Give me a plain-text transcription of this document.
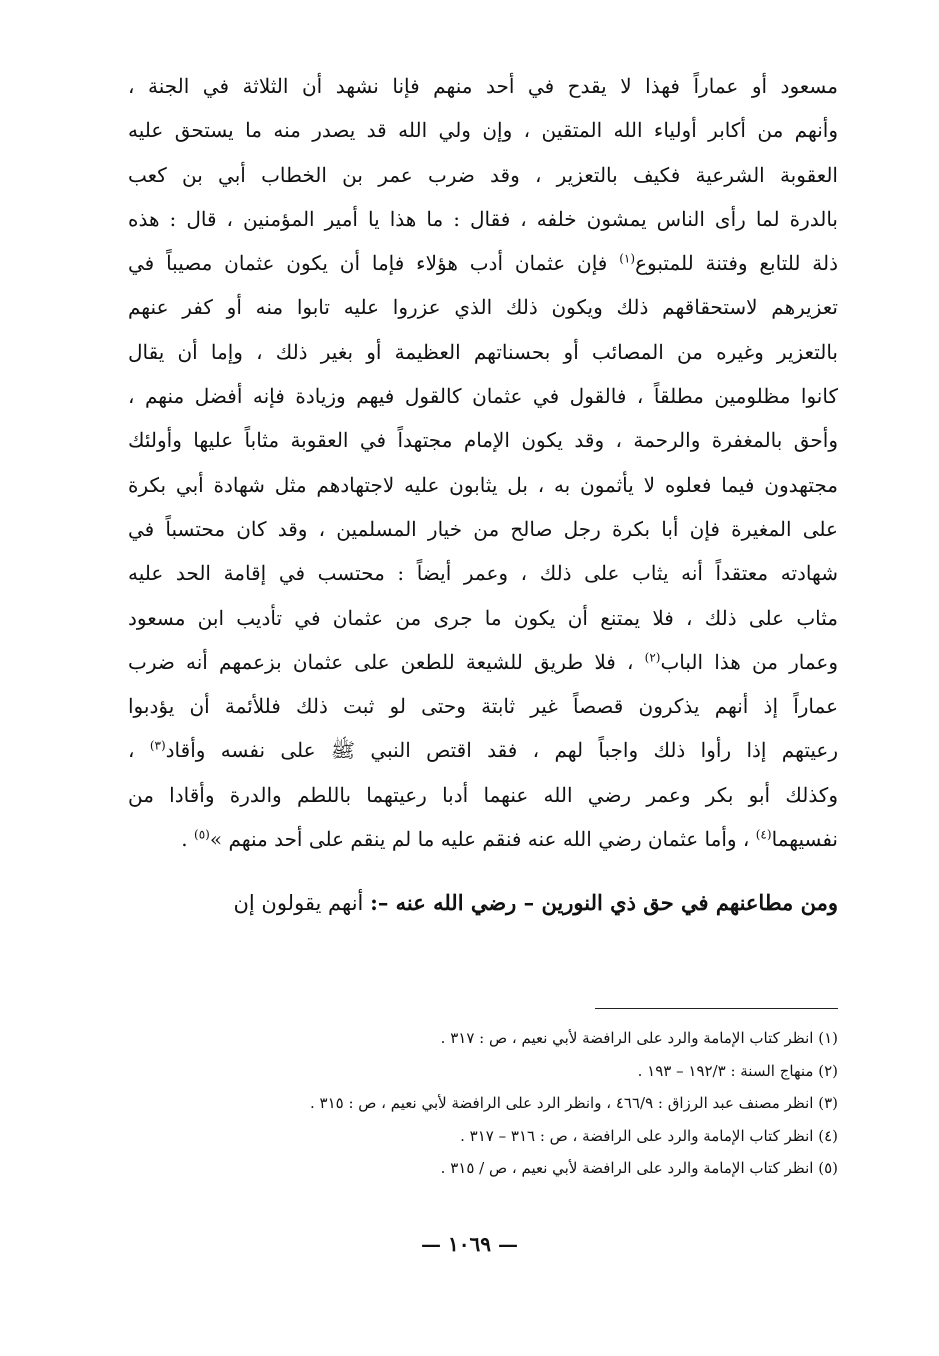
مسعود أو عماراً فهذا لا يقدح في أحد منهم فإنا نشهد أن الثلاثة في الجنة ،
وأنهم من أكابر أولياء الله المتقين ، وإن ولي الله قد يصدر منه ما يستحق عليه
العقوبة الشرعية فكيف بالتعزير ، وقد ضرب عمر بن الخطاب أبي بن كعب
بالدرة لما رأى الناس يمشون خلفه ، فقال : ما هذا يا أمير المؤمنين ، قال : هذه
ذلة للتابع وفتنة للمتبوع$^{(١)}$ فإن عثمان أدب هؤلاء فإما أن يكون عثمان مصيباً في
تعزيرهم لاستحقاقهم ذلك ويكون ذلك الذي عزروا عليه تابوا منه أو كفر عنهم
بالتعزير وغيره من المصائب أو بحسناتهم العظيمة أو بغير ذلك ، وإما أن يقال
كانوا مظلومين مطلقاً ، فالقول في عثمان كالقول فيهم وزيادة فإنه أفضل منهم ،
وأحق بالمغفرة والرحمة ، وقد يكون الإمام مجتهداً في العقوبة مثاباً عليها وأولئك
مجتهدون فيما فعلوه لا يأثمون به ، بل يثابون عليه لاجتهادهم مثل شهادة أبي بكرة
على المغيرة فإن أبا بكرة رجل صالح من خيار المسلمين ، وقد كان محتسباً في
شهادته معتقداً أنه يثاب على ذلك ، وعمر أيضاً : محتسب في إقامة الحد عليه
مثاب على ذلك ، فلا يمتنع أن يكون ما جرى من عثمان في تأديب ابن مسعود
وعمار من هذا الباب$^{(٢)}$ ، فلا طريق للشيعة للطعن على عثمان بزعمهم أنه ضرب
عماراً إذ أنهم يذكرون قصصاً غير ثابتة وحتى لو ثبت ذلك فللأئمة أن يؤدبوا
رعيتهم إذا رأوا ذلك واجباً لهم ، فقد اقتص النبي ﷺ على نفسه وأقاد$^{(٣)}$ ،
وكذلك أبو بكر وعمر رضي الله عنهما أدبا رعيتهما باللطم والدرة وأقادا من
نفسيهما$^{(٤)}$ ، وأما عثمان رضي الله عنه فنقم عليه ما لم ينقم على أحد منهم »$^{(٥)}$ .
ومن مطاعنهم في حق ذي النورين – رضي الله عنه –: أنهم يقولون إن
(١) انظر كتاب الإمامة والرد على الرافضة لأبي نعيم ، ص : ٣١٧ .
(٢) منهاج السنة : ١٩٢/٣ – ١٩٣ .
(٣) انظر مصنف عبد الرزاق : ٤٦٦/٩ ، وانظر الرد على الرافضة لأبي نعيم ، ص : ٣١٥ .
(٤) انظر كتاب الإمامة والرد على الرافضة ، ص : ٣١٦ – ٣١٧ .
(٥) انظر كتاب الإمامة والرد على الرافضة لأبي نعيم ، ص / ٣١٥ .
— ١٠٦٩ —
